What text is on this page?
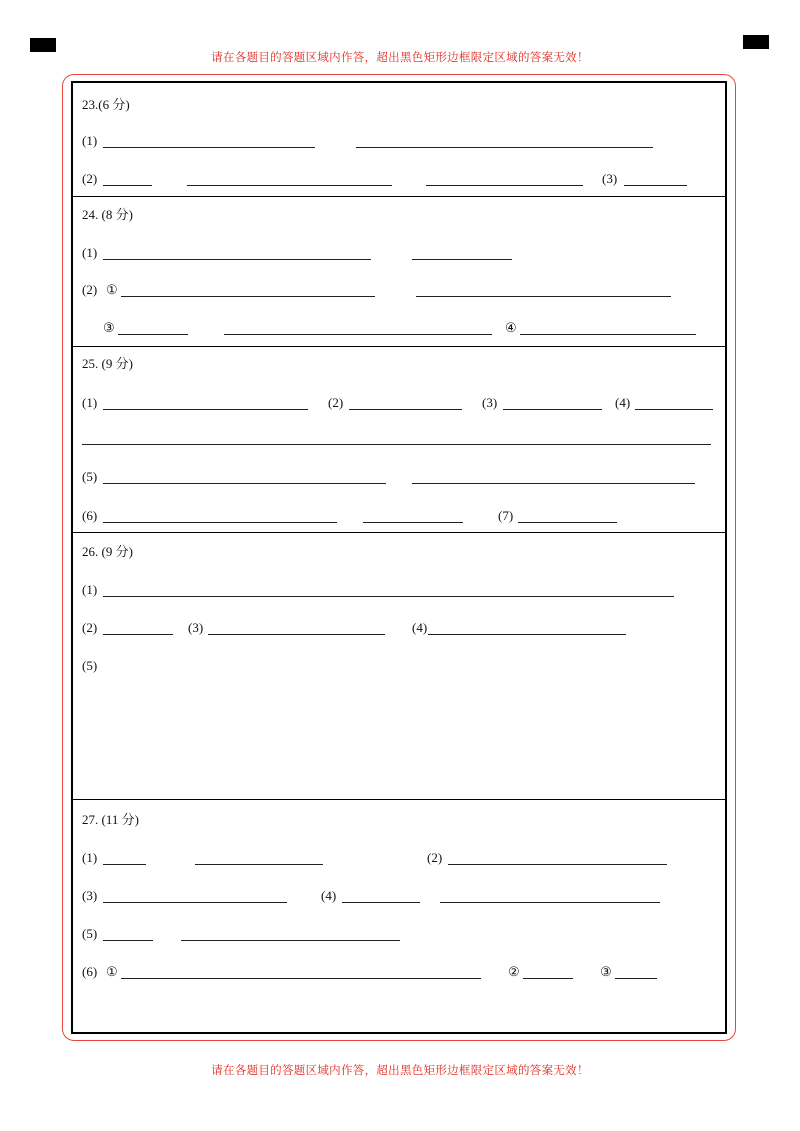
请在各题目的答题区域内作答，超出黑色矩形边框限定区域的答案无效！
23.(6 分)
(1)
(2)	(3)
24. (8 分)
(1)
(2) ①
③	④
25. (9 分)
(1)	(2)	(3)	(4)
(5)
(6)	(7)
26. (9 分)
(1)
(2)	(3)	(4)
(5)
27. (11 分)
(1)	(2)
(3)	(4)
(5)
(6) ①	②	③
请在各题目的答题区域内作答，超出黑色矩形边框限定区域的答案无效！
